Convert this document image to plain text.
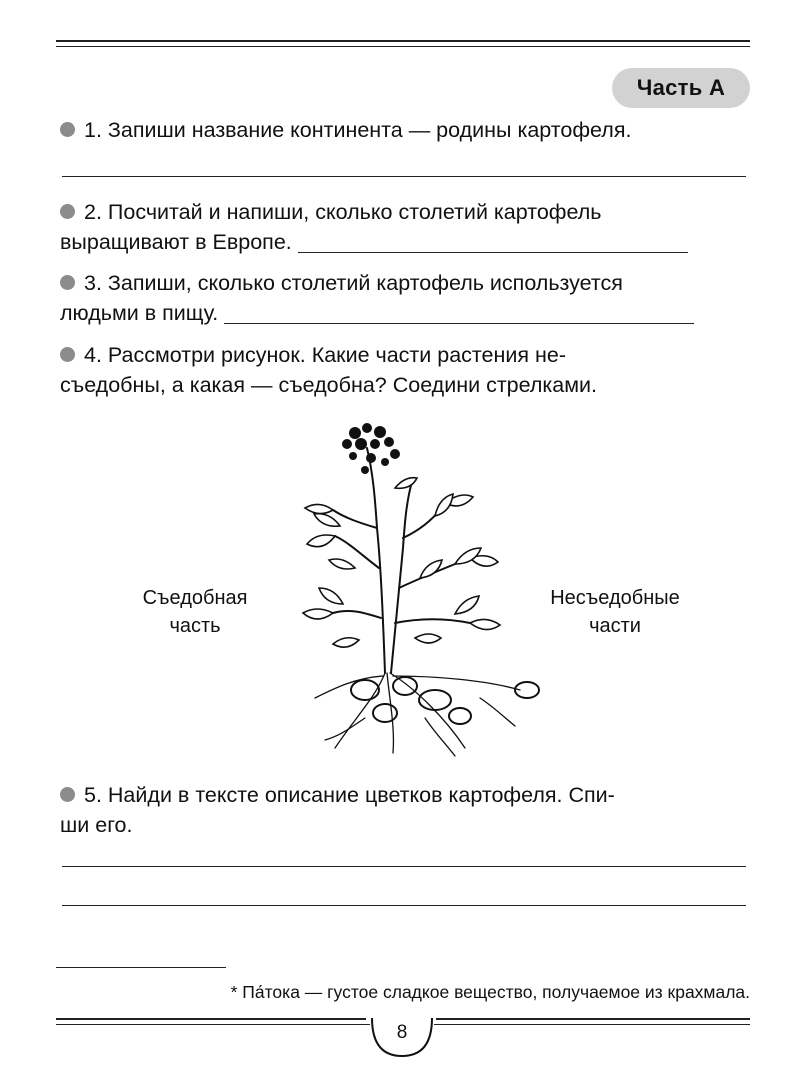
Часть А

1. Запиши название континента — родины картофеля.

2. Посчитай и напиши, сколько столетий картофель

выращивают в Европе.

3. Запиши, сколько столетий картофель используется

людьми в пищу.

4. Рассмотри рисунок. Какие части растения не-

съедобны, а какая — съедобна? Соедини стрелками.

Съедобная
часть
Несъедобные
части

5. Найди в тексте описание цветков картофеля. Спи-

ши его.

* Па́тока — густое сладкое вещество, получаемое из крахмала.
8
